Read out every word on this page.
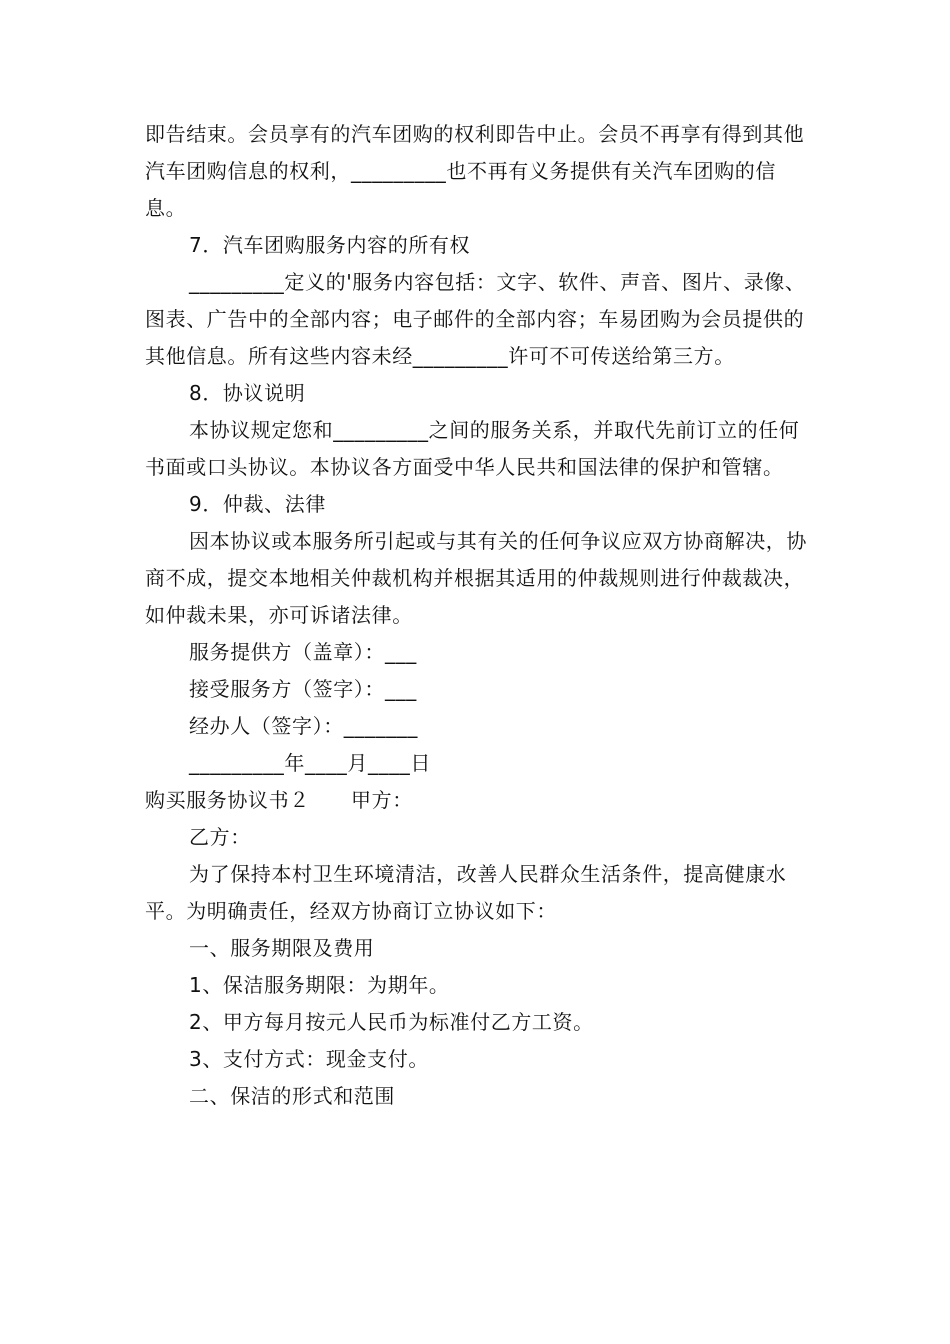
即告结束。会员享有的汽车团购的权利即告中止。会员不再享有得到其他汽车团购信息的权利，_________也不再有义务提供有关汽车团购的信息。

7．汽车团购服务内容的所有权

_________定义的'服务内容包括：文字、软件、声音、图片、录像、图表、广告中的全部内容；电子邮件的全部内容；车易团购为会员提供的其他信息。所有这些内容未经_________许可不可传送给第三方。

8．协议说明

本协议规定您和_________之间的服务关系，并取代先前订立的任何书面或口头协议。本协议各方面受中华人民共和国法律的保护和管辖。

9．仲裁、法律

因本协议或本服务所引起或与其有关的任何争议应双方协商解决，协商不成，提交本地相关仲裁机构并根据其适用的仲裁规则进行仲裁裁决，如仲裁未果，亦可诉诸法律。

服务提供方（盖章）：___

接受服务方（签字）：___

经办人（签字）：_______

_________年____月____日

购买服务协议书２　　甲方：

乙方：

为了保持本村卫生环境清洁，改善人民群众生活条件，提高健康水平。为明确责任，经双方协商订立协议如下：

一、服务期限及费用

1、保洁服务期限：为期年。

2、甲方每月按元人民币为标准付乙方工资。

3、支付方式：现金支付。

二、保洁的形式和范围
